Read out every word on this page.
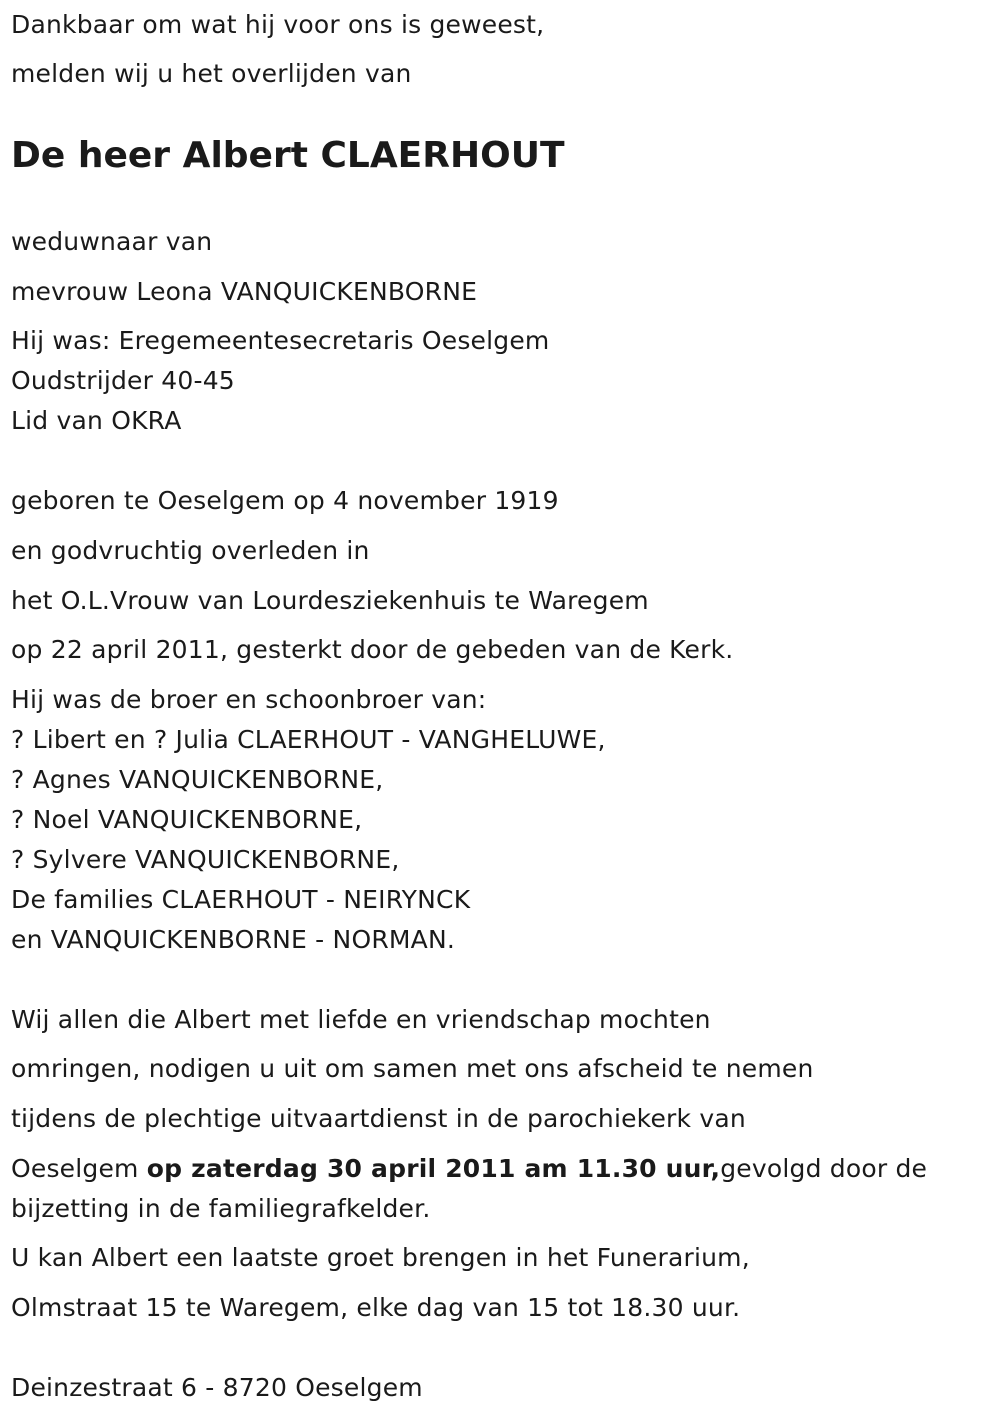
Dankbaar om wat hij voor ons is geweest,
melden wij u het overlijden van
De heer Albert CLAERHOUT
weduwnaar van
mevrouw Leona VANQUICKENBORNE
Hij was: Eregemeentesecretaris Oeselgem
Oudstrijder 40-45
Lid van OKRA
geboren te Oeselgem op 4 november 1919
en godvruchtig overleden in
het O.L.Vrouw van Lourdesziekenhuis te Waregem
op 22 april 2011, gesterkt door de gebeden van de Kerk.
Hij was de broer en schoonbroer van:
? Libert en ? Julia CLAERHOUT - VANGHELUWE,
? Agnes VANQUICKENBORNE,
? Noel VANQUICKENBORNE,
? Sylvere VANQUICKENBORNE,
De families CLAERHOUT - NEIRYNCK
en VANQUICKENBORNE - NORMAN.
Wij allen die Albert met liefde en vriendschap mochten
omringen, nodigen u uit om samen met ons afscheid te nemen
tijdens de plechtige uitvaartdienst in de parochiekerk van
Oeselgem op zaterdag 30 april 2011 am 11.30 uur,gevolgd door de
bijzetting in de familiegrafkelder.
U kan Albert een laatste groet brengen in het Funerarium,
Olmstraat 15 te Waregem, elke dag van 15 tot 18.30 uur.
Deinzestraat 6 - 8720 Oeselgem
